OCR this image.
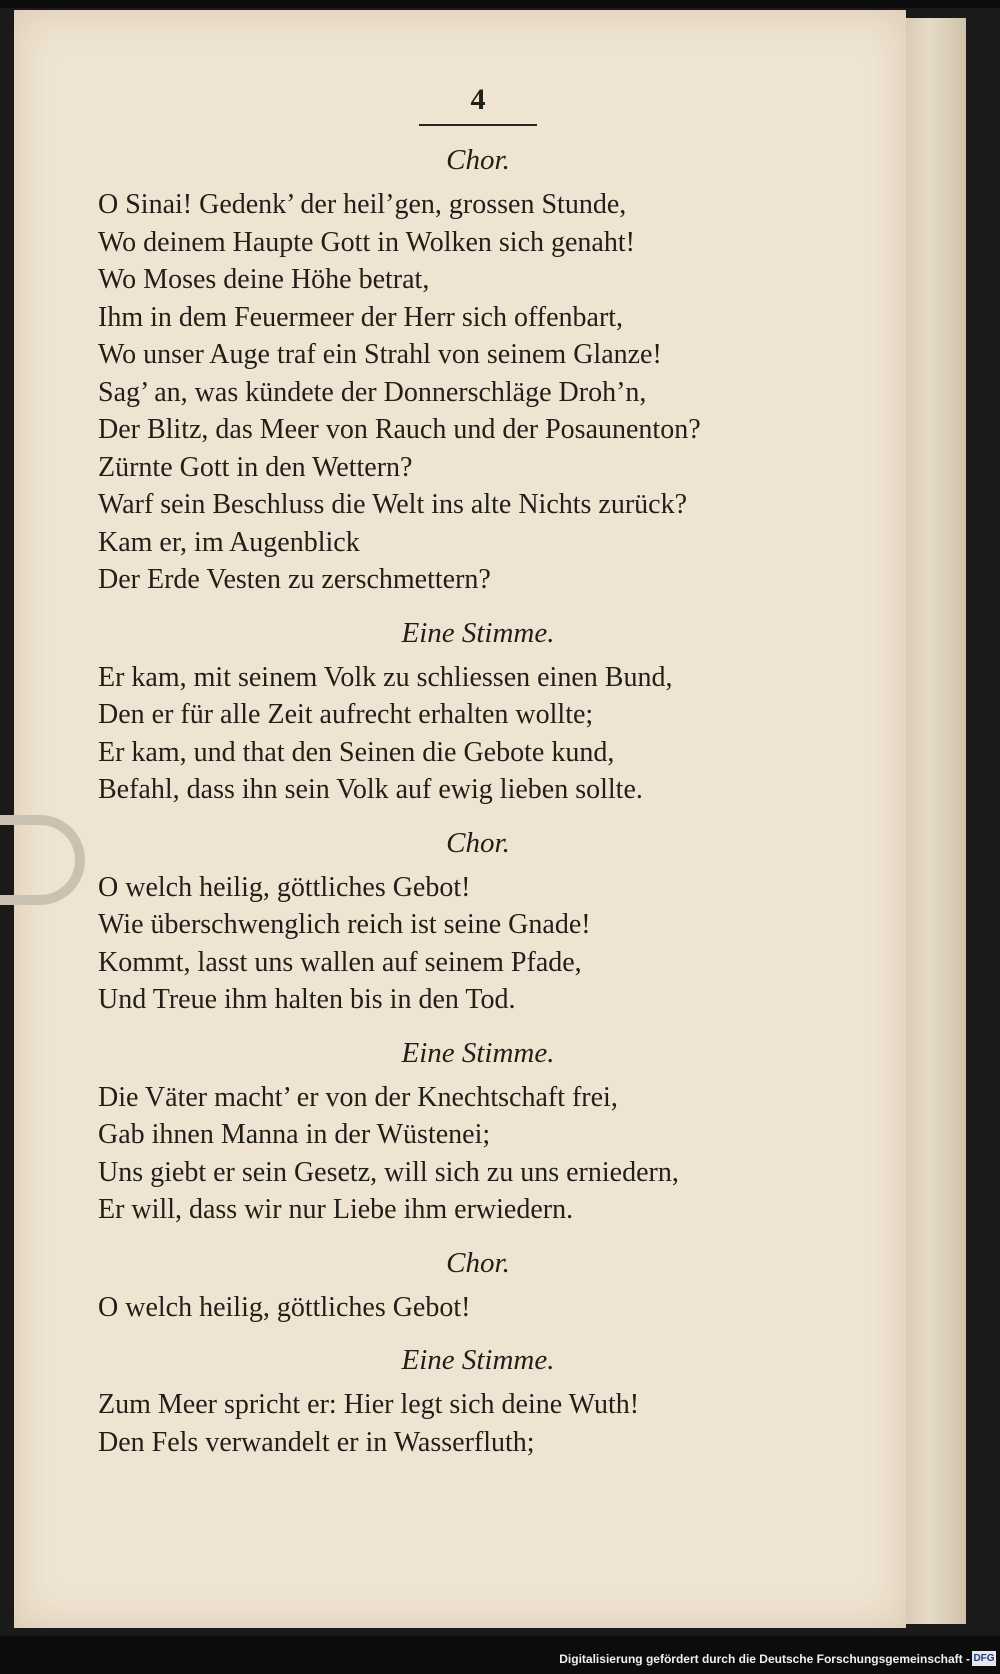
4
Chor.
O Sinai! Gedenk’ der heil’gen, grossen Stunde,
Wo deinem Haupte Gott in Wolken sich genaht!
Wo Moses deine Höhe betrat,
Ihm in dem Feuermeer der Herr sich offenbart,
Wo unser Auge traf ein Strahl von seinem Glanze!
Sag’ an, was kündete der Donnerschläge Droh’n,
Der Blitz, das Meer von Rauch und der Posaunenton?
Zürnte Gott in den Wettern?
Warf sein Beschluss die Welt ins alte Nichts zurück?
Kam er, im Augenblick
Der Erde Vesten zu zerschmettern?
Eine Stimme.
Er kam, mit seinem Volk zu schliessen einen Bund,
Den er für alle Zeit aufrecht erhalten wollte;
Er kam, und that den Seinen die Gebote kund,
Befahl, dass ihn sein Volk auf ewig lieben sollte.
Chor.
O welch heilig, göttliches Gebot!
Wie überschwenglich reich ist seine Gnade!
Kommt, lasst uns wallen auf seinem Pfade,
Und Treue ihm halten bis in den Tod.
Eine Stimme.
Die Väter macht’ er von der Knechtschaft frei,
Gab ihnen Manna in der Wüstenei;
Uns giebt er sein Gesetz, will sich zu uns erniedern,
Er will, dass wir nur Liebe ihm erwiedern.
Chor.
O welch heilig, göttliches Gebot!
Eine Stimme.
Zum Meer spricht er: Hier legt sich deine Wuth!
Den Fels verwandelt er in Wasserfluth;
Digitalisierung gefördert durch die Deutsche Forschungsgemeinschaft - DFG
